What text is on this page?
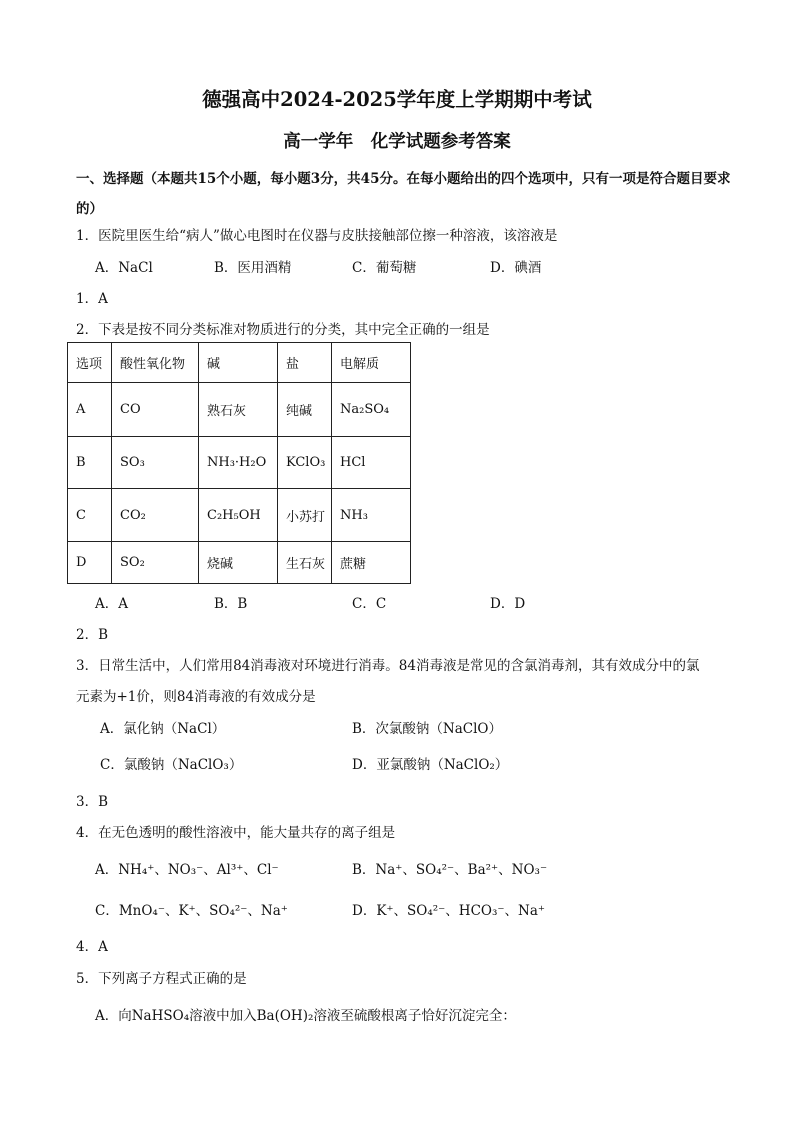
德强高中2024-2025学年度上学期期中考试
高一学年　化学试题参考答案
一、选择题（本题共15个小题，每小题3分，共45分。在每小题给出的四个选项中，只有一项是符合题目要求的）
1．医院里医生给“病人”做心电图时在仪器与皮肤接触部位擦一种溶液，该溶液是
A．NaCl	B．医用酒精	C．葡萄糖	D．碘酒
1．A
2．下表是按不同分类标准对物质进行的分类，其中完全正确的一组是
选项	酸性氧化物	碱	盐	电解质
A	CO	熟石灰	纯碱	Na₂SO₄
B	SO₃	NH₃·H₂O	KClO₃	HCl
C	CO₂	C₂H₅OH	小苏打	NH₃
D	SO₂	烧碱	生石灰	蔗糖
A．A	B．B	C．C	D．D
2．B
3．日常生活中，人们常用84消毒液对环境进行消毒。84消毒液是常见的含氯消毒剂，其有效成分中的氯
元素为+1价，则84消毒液的有效成分是
A．氯化钠（NaCl）	B．次氯酸钠（NaClO）
C．氯酸钠（NaClO₃）	D．亚氯酸钠（NaClO₂）
3．B
4．在无色透明的酸性溶液中，能大量共存的离子组是
A．NH₄⁺、NO₃⁻、Al³⁺、Cl⁻	B．Na⁺、SO₄²⁻、Ba²⁺、NO₃⁻
C．MnO₄⁻、K⁺、SO₄²⁻、Na⁺	D．K⁺、SO₄²⁻、HCO₃⁻、Na⁺
4．A
5．下列离子方程式正确的是
A．向NaHSO₄溶液中加入Ba(OH)₂溶液至硫酸根离子恰好沉淀完全：
